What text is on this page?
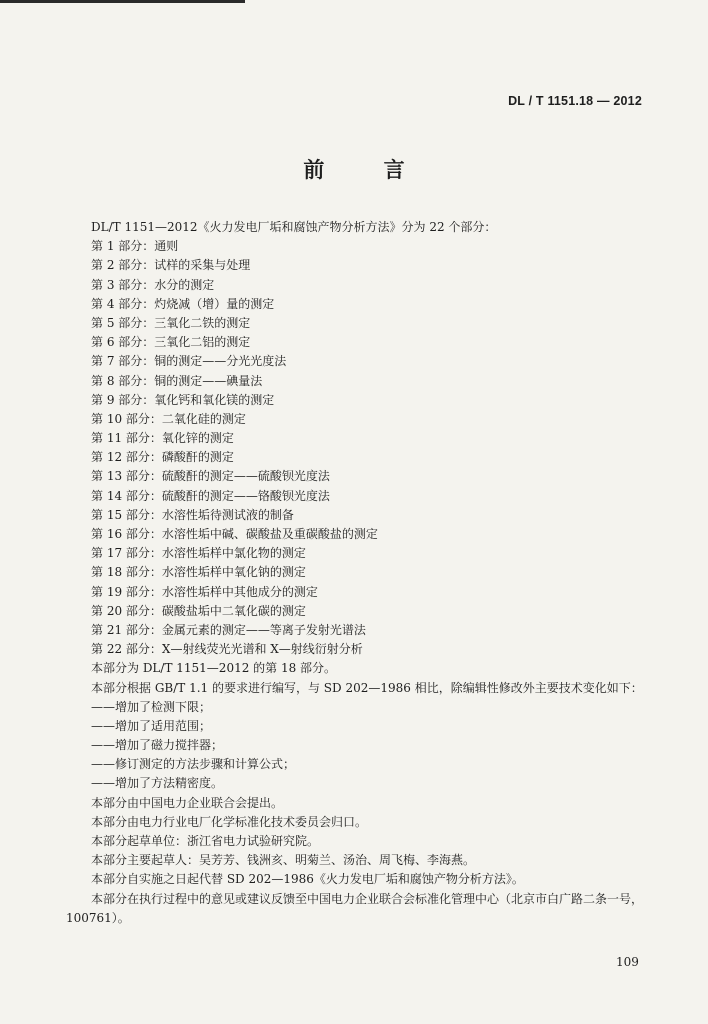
DL / T 1151.18 — 2012
前 言
DL/T 1151—2012《火力发电厂垢和腐蚀产物分析方法》分为 22 个部分：
第 1 部分：通则
第 2 部分：试样的采集与处理
第 3 部分：水分的测定
第 4 部分：灼烧减（增）量的测定
第 5 部分：三氧化二铁的测定
第 6 部分：三氧化二铝的测定
第 7 部分：铜的测定——分光光度法
第 8 部分：铜的测定——碘量法
第 9 部分：氧化钙和氧化镁的测定
第 10 部分：二氧化硅的测定
第 11 部分：氧化锌的测定
第 12 部分：磷酸酐的测定
第 13 部分：硫酸酐的测定——硫酸钡光度法
第 14 部分：硫酸酐的测定——铬酸钡光度法
第 15 部分：水溶性垢待测试液的制备
第 16 部分：水溶性垢中碱、碳酸盐及重碳酸盐的测定
第 17 部分：水溶性垢样中氯化物的测定
第 18 部分：水溶性垢样中氧化钠的测定
第 19 部分：水溶性垢样中其他成分的测定
第 20 部分：碳酸盐垢中二氧化碳的测定
第 21 部分：金属元素的测定——等离子发射光谱法
第 22 部分：X—射线荧光光谱和 X—射线衍射分析
本部分为 DL/T 1151—2012 的第 18 部分。
本部分根据 GB/T 1.1 的要求进行编写，与 SD 202—1986 相比，除编辑性修改外主要技术变化如下：
——增加了检测下限；
——增加了适用范围；
——增加了磁力搅拌器；
——修订测定的方法步骤和计算公式；
——增加了方法精密度。
本部分由中国电力企业联合会提出。
本部分由电力行业电厂化学标准化技术委员会归口。
本部分起草单位：浙江省电力试验研究院。
本部分主要起草人：吴芳芳、钱洲亥、明菊兰、汤治、周飞梅、李海燕。
本部分自实施之日起代替 SD 202—1986《火力发电厂垢和腐蚀产物分析方法》。
本部分在执行过程中的意见或建议反馈至中国电力企业联合会标准化管理中心（北京市白广路二条一号，100761）。
109
